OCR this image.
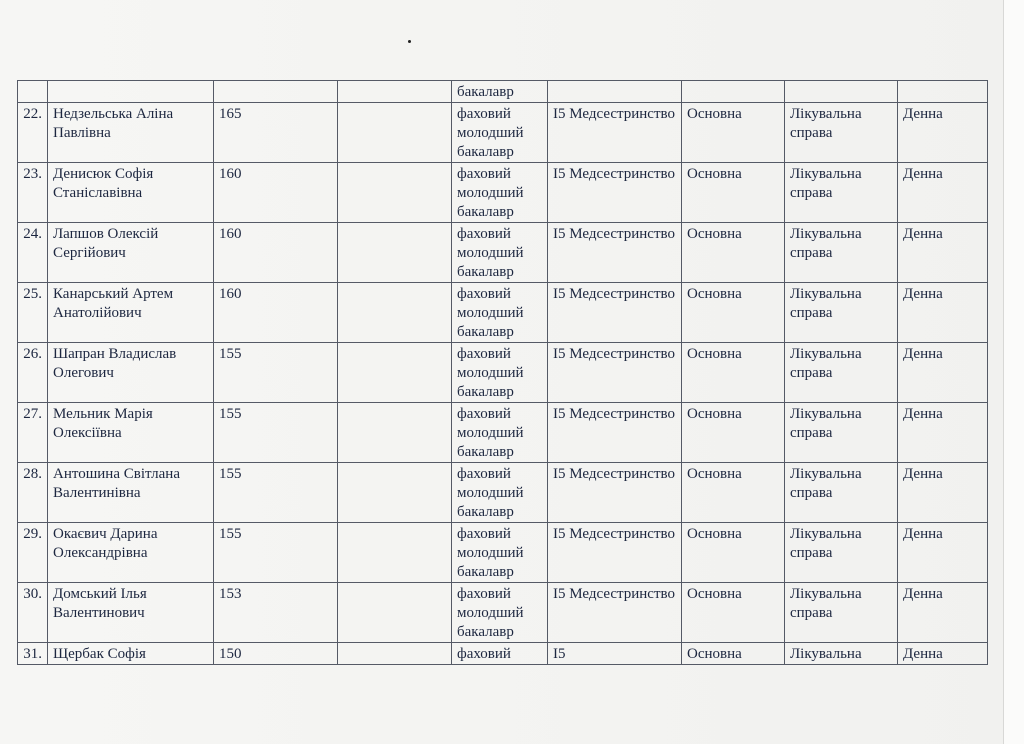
				бакалавр				
22.	Недзельська Аліна Павлівна	165		фаховий молодший бакалавр	I5 Медсестринство	Основна	Лікувальна справа	Денна
23.	Денисюк Софія Станіславівна	160		фаховий молодший бакалавр	I5 Медсестринство	Основна	Лікувальна справа	Денна
24.	Лапшов Олексій Сергійович	160		фаховий молодший бакалавр	I5 Медсестринство	Основна	Лікувальна справа	Денна
25.	Канарський Артем Анатолійович	160		фаховий молодший бакалавр	I5 Медсестринство	Основна	Лікувальна справа	Денна
26.	Шапран Владислав Олегович	155		фаховий молодший бакалавр	I5 Медсестринство	Основна	Лікувальна справа	Денна
27.	Мельник Марія Олексіївна	155		фаховий молодший бакалавр	I5 Медсестринство	Основна	Лікувальна справа	Денна
28.	Антошина Світлана Валентинівна	155		фаховий молодший бакалавр	I5 Медсестринство	Основна	Лікувальна справа	Денна
29.	Окаєвич Дарина Олександрівна	155		фаховий молодший бакалавр	I5 Медсестринство	Основна	Лікувальна справа	Денна
30.	Домський Ілья Валентинович	153		фаховий молодший бакалавр	I5 Медсестринство	Основна	Лікувальна справа	Денна
31.	Щербак Софія	150		фаховий	I5	Основна	Лікувальна	Денна
